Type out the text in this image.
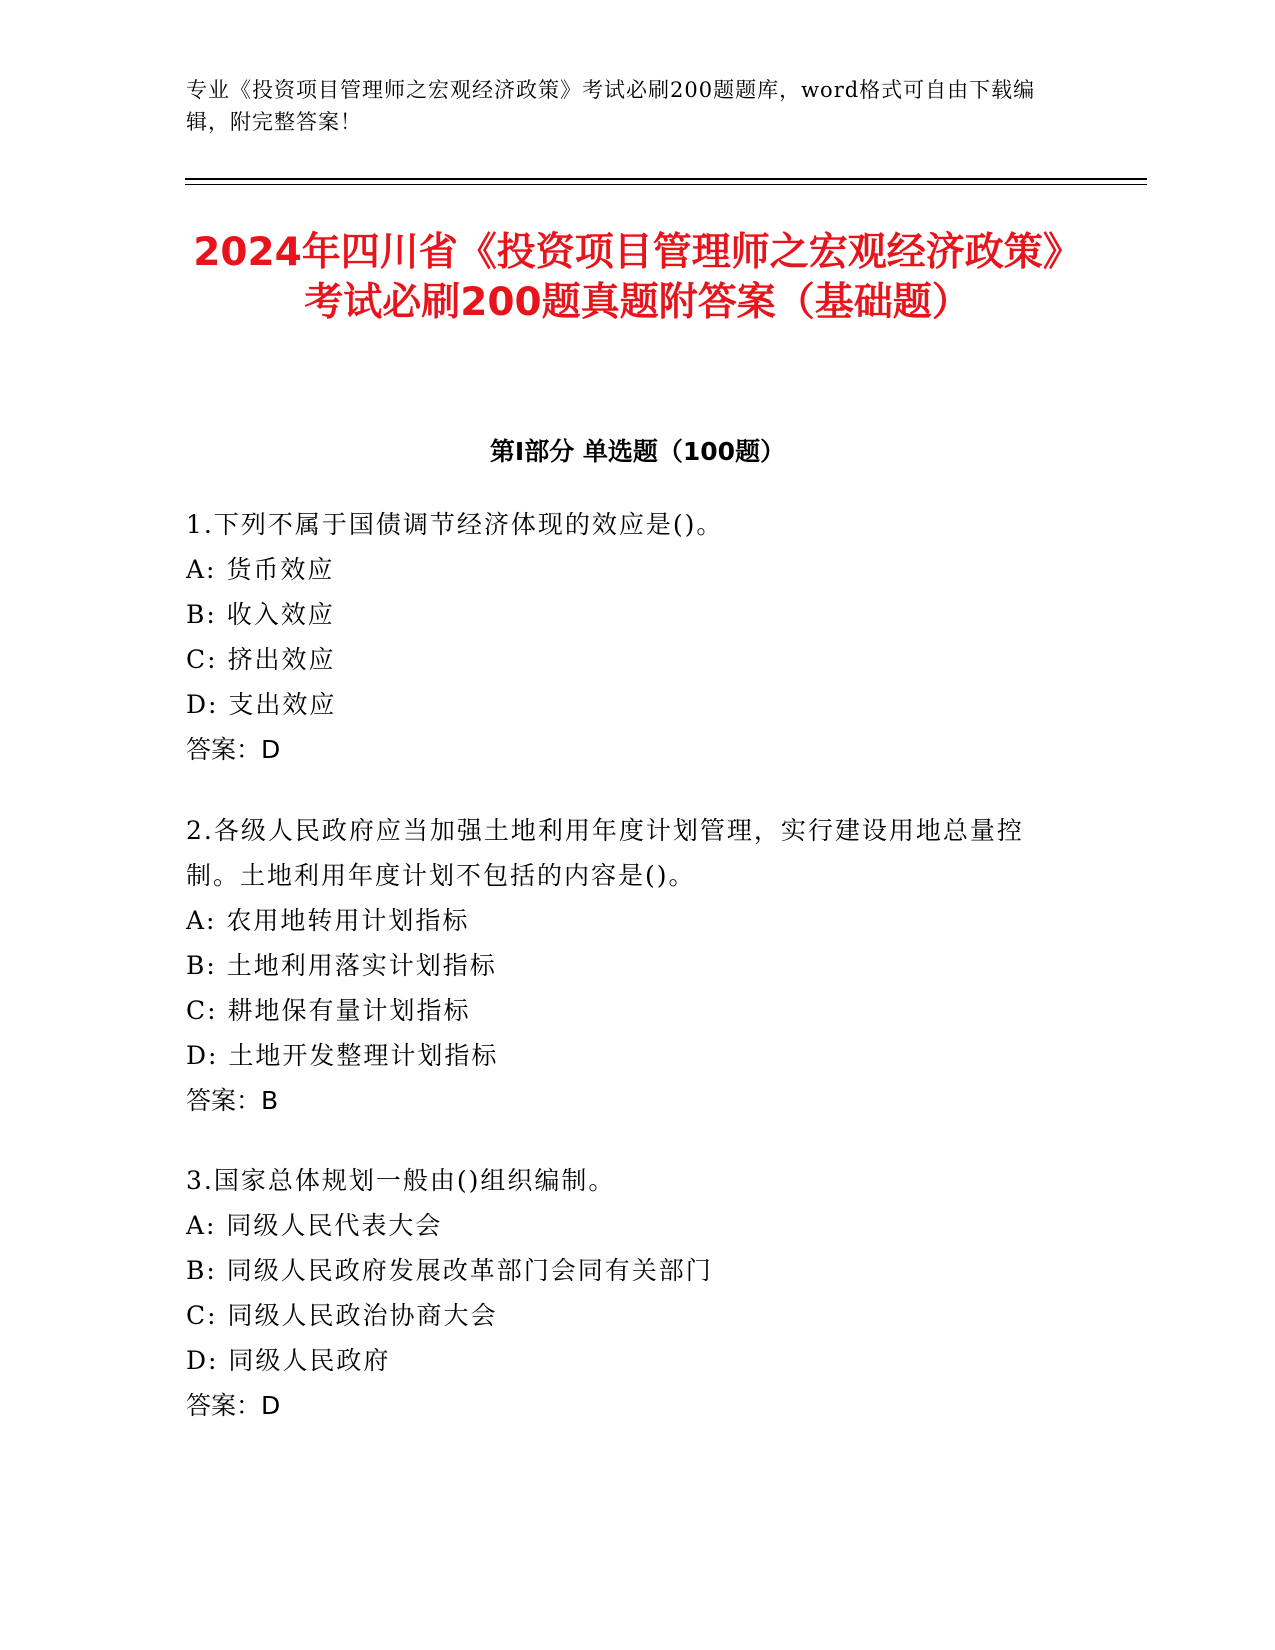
专业《投资项目管理师之宏观经济政策》考试必刷200题题库，word格式可自由下载编辑，附完整答案！
2024年四川省《投资项目管理师之宏观经济政策》考试必刷200题真题附答案（基础题）
第I部分 单选题（100题）

1.下列不属于国债调节经济体现的效应是()。

A: 货币效应

B: 收入效应

C: 挤出效应

D: 支出效应

答案：D

2.各级人民政府应当加强土地利用年度计划管理，实行建设用地总量控制。土地利用年度计划不包括的内容是()。

A: 农用地转用计划指标

B: 土地利用落实计划指标

C: 耕地保有量计划指标

D: 土地开发整理计划指标

答案：B

3.国家总体规划一般由()组织编制。

A: 同级人民代表大会

B: 同级人民政府发展改革部门会同有关部门

C: 同级人民政治协商大会

D: 同级人民政府

答案：D
